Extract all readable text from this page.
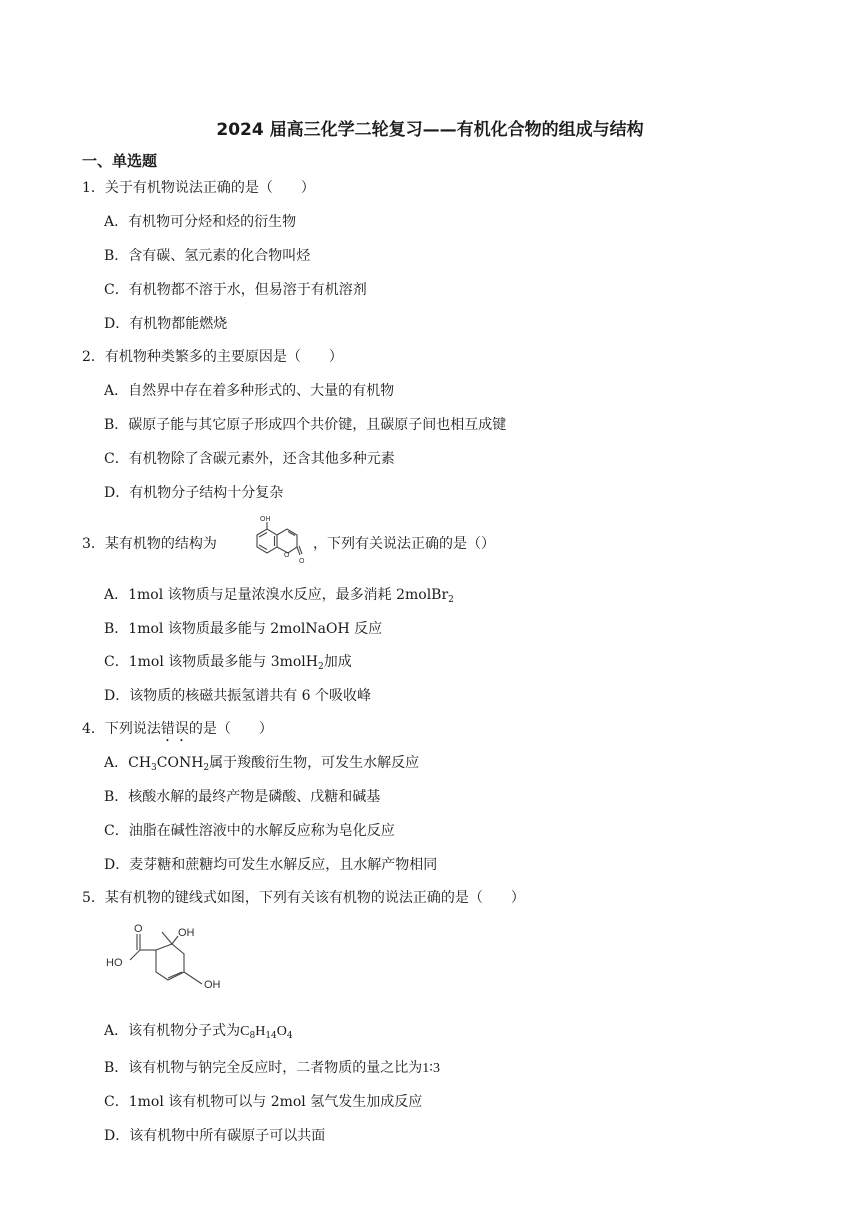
2024 届高三化学二轮复习——有机化合物的组成与结构
一、单选题
1．关于有机物说法正确的是（　　）
A．有机物可分烃和烃的衍生物
B．含有碳、氢元素的化合物叫烃
C．有机物都不溶于水，但易溶于有机溶剂
D．有机物都能燃烧
2．有机物种类繁多的主要原因是（　　）
A．自然界中存在着多种形式的、大量的有机物
B．碳原子能与其它原子形成四个共价键，且碳原子间也相互成键
C．有机物除了含碳元素外，还含其他多种元素
D．有机物分子结构十分复杂
3．某有机物的结构为
OH
O
O
，下列有关说法正确的是（）
A．1mol 该物质与足量浓溴水反应，最多消耗 2molBr$_2$
B．1mol 该物质最多能与 2molNaOH 反应
C．1mol 该物质最多能与 3molH$_2$加成
D．该物质的核磁共振氢谱共有 6 个吸收峰
4．下列说法错误的是（　　）
A．$CH_3CONH_2$属于羧酸衍生物，可发生水解反应
B．核酸水解的最终产物是磷酸、戊糖和碱基
C．油脂在碱性溶液中的水解反应称为皂化反应
D．麦芽糖和蔗糖均可发生水解反应，且水解产物相同
5．某有机物的键线式如图，下列有关该有机物的说法正确的是（　　）
O	OH
HO
OH
A．该有机物分子式为$C_8H_{14}O_4$
B．该有机物与钠完全反应时，二者物质的量之比为1∶3
C．1mol 该有机物可以与 2mol 氢气发生加成反应
D．该有机物中所有碳原子可以共面
